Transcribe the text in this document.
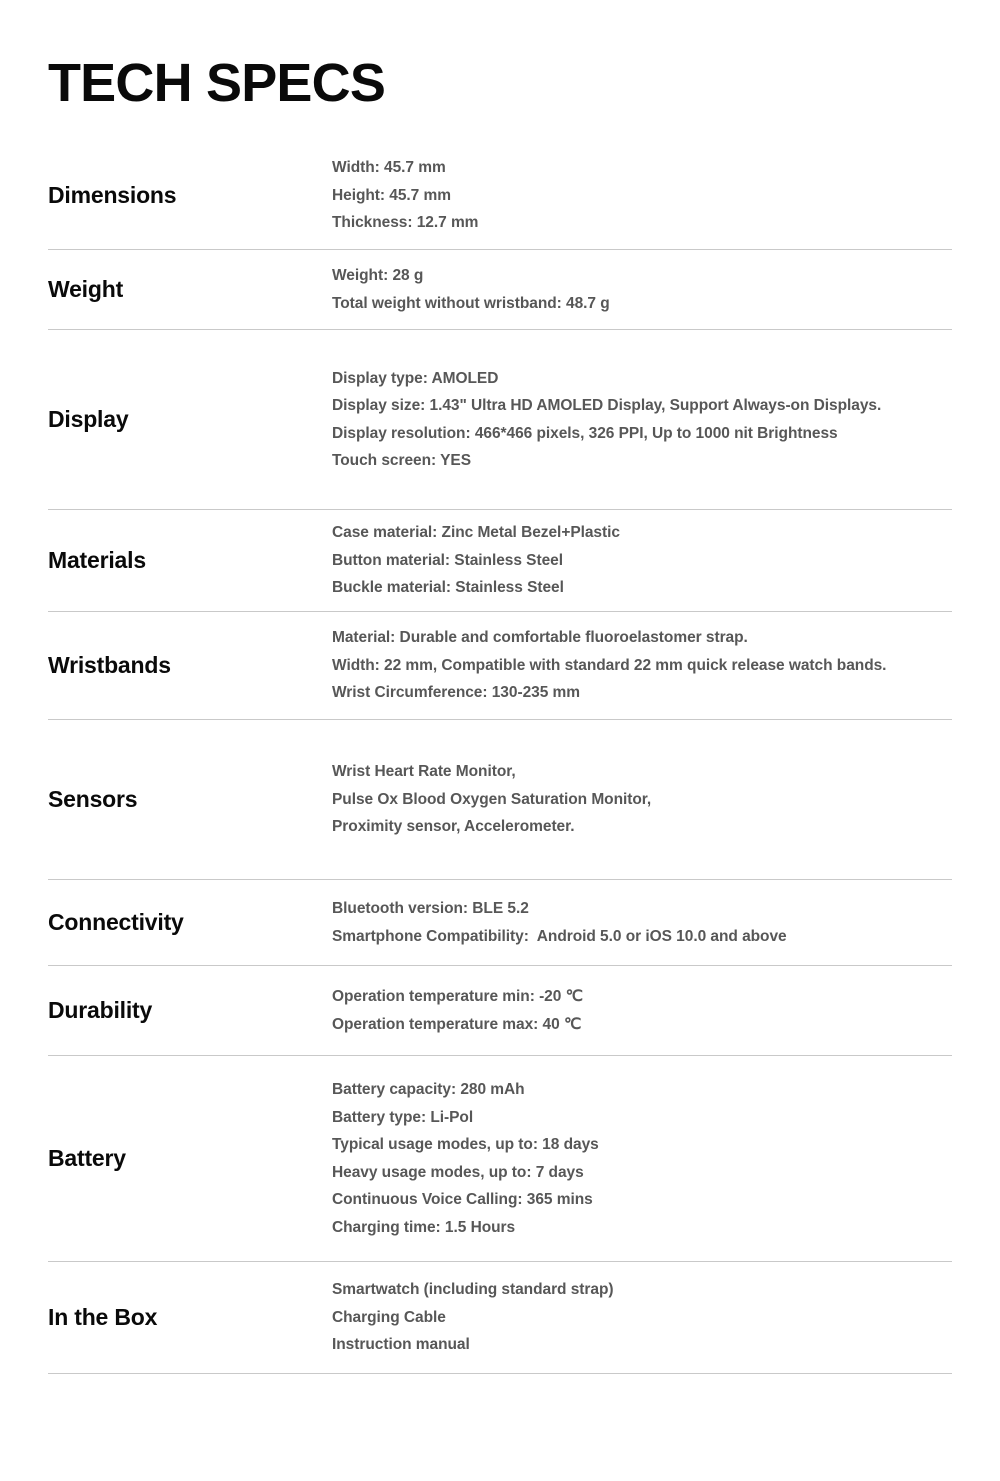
TECH SPECS
Dimensions
Width: 45.7 mm
Height: 45.7 mm
Thickness: 12.7 mm
Weight
Weight: 28 g
Total weight without wristband: 48.7 g
Display
Display type: AMOLED
Display size: 1.43" Ultra HD AMOLED Display, Support Always-on Displays.
Display resolution: 466*466 pixels, 326 PPI, Up to 1000 nit Brightness
Touch screen: YES
Materials
Case material: Zinc Metal Bezel+Plastic
Button material: Stainless Steel
Buckle material: Stainless Steel
Wristbands
Material: Durable and comfortable fluoroelastomer strap.
Width: 22 mm, Compatible with standard 22 mm quick release watch bands.
Wrist Circumference: 130-235 mm
Sensors
Wrist Heart Rate Monitor,
Pulse Ox Blood Oxygen Saturation Monitor,
Proximity sensor, Accelerometer.
Connectivity
Bluetooth version: BLE 5.2
Smartphone Compatibility:  Android 5.0 or iOS 10.0 and above
Durability
Operation temperature min: -20 ℃
Operation temperature max: 40 ℃
Battery
Battery capacity: 280 mAh
Battery type: Li-Pol
Typical usage modes, up to: 18 days
Heavy usage modes, up to: 7 days
Continuous Voice Calling: 365 mins
Charging time: 1.5 Hours
In the Box
Smartwatch (including standard strap)
Charging Cable
Instruction manual
